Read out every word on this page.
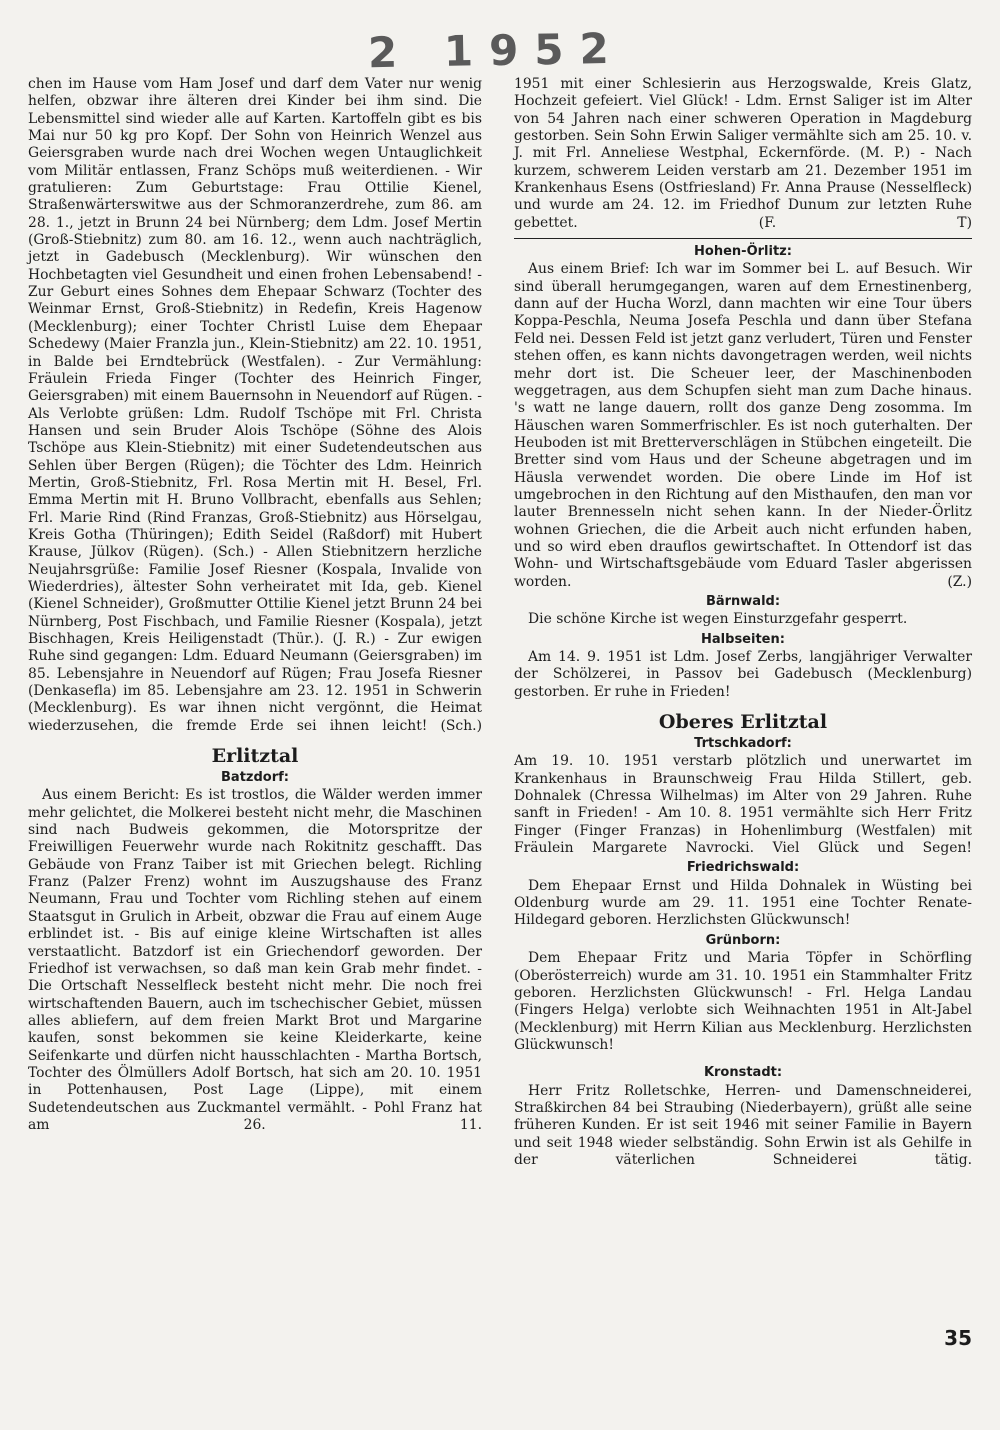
2 1952

chen im Hause vom Ham Josef und darf dem Vater nur wenig helfen, obzwar ihre älteren drei Kinder bei ihm sind. Die Lebensmittel sind wieder alle auf Karten. Kartoffeln gibt es bis Mai nur 50 kg pro Kopf. Der Sohn von Heinrich Wenzel aus Geiersgraben wurde nach drei Wochen wegen Untauglichkeit vom Militär entlassen, Franz Schöps muß weiterdienen. - Wir gratulieren: Zum Geburtstage: Frau Ottilie Kienel, Straßenwärterswitwe aus der Schmoranzerdrehe, zum 86. am 28. 1., jetzt in Brunn 24 bei Nürnberg; dem Ldm. Josef Mertin (Groß-Stiebnitz) zum 80. am 16. 12., wenn auch nachträglich, jetzt in Gadebusch (Mecklenburg). Wir wünschen den Hochbetagten viel Gesundheit und einen frohen Lebensabend! - Zur Geburt eines Sohnes dem Ehepaar Schwarz (Tochter des Weinmar Ernst, Groß-Stiebnitz) in Redefin, Kreis Hagenow (Mecklenburg); einer Tochter Christl Luise dem Ehepaar Schedewy (Maier Franzla jun., Klein-Stiebnitz) am 22. 10. 1951, in Balde bei Erndtebrück (Westfalen). - Zur Vermählung: Fräulein Frieda Finger (Tochter des Heinrich Finger, Geiersgraben) mit einem Bauernsohn in Neuendorf auf Rügen. - Als Verlobte grüßen: Ldm. Rudolf Tschöpe mit Frl. Christa Hansen und sein Bruder Alois Tschöpe (Söhne des Alois Tschöpe aus Klein-Stiebnitz) mit einer Sudetendeutschen aus Sehlen über Bergen (Rügen); die Töchter des Ldm. Heinrich Mertin, Groß-Stiebnitz, Frl. Rosa Mertin mit H. Besel, Frl. Emma Mertin mit H. Bruno Vollbracht, ebenfalls aus Sehlen; Frl. Marie Rind (Rind Franzas, Groß-Stiebnitz) aus Hörselgau, Kreis Gotha (Thüringen); Edith Seidel (Raßdorf) mit Hubert Krause, Jülkov (Rügen). (Sch.) - Allen Stiebnitzern herzliche Neujahrsgrüße: Familie Josef Riesner (Kospala, Invalide von Wiederdries), ältester Sohn verheiratet mit Ida, geb. Kienel (Kienel Schneider), Großmutter Ottilie Kienel jetzt Brunn 24 bei Nürnberg, Post Fischbach, und Familie Riesner (Kospala), jetzt Bischhagen, Kreis Heiligenstadt (Thür.). (J. R.) - Zur ewigen Ruhe sind gegangen: Ldm. Eduard Neumann (Geiersgraben) im 85. Lebensjahre in Neuendorf auf Rügen; Frau Josefa Riesner (Denkasefla) im 85. Lebensjahre am 23. 12. 1951 in Schwerin (Mecklenburg). Es war ihnen nicht vergönnt, die Heimat wiederzusehen, die fremde Erde sei ihnen leicht! (Sch.)

Erlitztal
Batzdorf:

Aus einem Bericht: Es ist trostlos, die Wälder werden immer mehr gelichtet, die Molkerei besteht nicht mehr, die Maschinen sind nach Budweis gekommen, die Motorspritze der Freiwilligen Feuerwehr wurde nach Rokitnitz geschafft. Das Gebäude von Franz Taiber ist mit Griechen belegt. Richling Franz (Palzer Frenz) wohnt im Auszugshause des Franz Neumann, Frau und Tochter vom Richling stehen auf einem Staatsgut in Grulich in Arbeit, obzwar die Frau auf einem Auge erblindet ist. - Bis auf einige kleine Wirtschaften ist alles verstaatlicht. Batzdorf ist ein Griechendorf geworden. Der Friedhof ist verwachsen, so daß man kein Grab mehr findet. - Die Ortschaft Nesselfleck besteht nicht mehr. Die noch frei wirtschaftenden Bauern, auch im tschechischer Gebiet, müssen alles abliefern, auf dem freien Markt Brot und Margarine kaufen, sonst bekommen sie keine Kleiderkarte, keine Seifenkarte und dürfen nicht hausschlachten - Martha Bortsch, Tochter des Ölmüllers Adolf Bortsch, hat sich am 20. 10. 1951 in Pottenhausen, Post Lage (Lippe), mit einem Sudetendeutschen aus Zuckmantel vermählt. - Pohl Franz hat am 26. 11.

1951 mit einer Schlesierin aus Herzogswalde, Kreis Glatz, Hochzeit gefeiert. Viel Glück! - Ldm. Ernst Saliger ist im Alter von 54 Jahren nach einer schweren Operation in Magdeburg gestorben. Sein Sohn Erwin Saliger vermählte sich am 25. 10. v. J. mit Frl. Anneliese Westphal, Eckernförde. (M. P.) - Nach kurzem, schwerem Leiden verstarb am 21. Dezember 1951 im Krankenhaus Esens (Ostfriesland) Fr. Anna Prause (Nesselfleck) und wurde am 24. 12. im Friedhof Dunum zur letzten Ruhe gebettet. (F. T)

Hohen-Örlitz:

Aus einem Brief: Ich war im Sommer bei L. auf Besuch. Wir sind überall herumgegangen, waren auf dem Ernestinenberg, dann auf der Hucha Worzl, dann machten wir eine Tour übers Koppa-Peschla, Neuma Josefa Peschla und dann über Stefana Feld nei. Dessen Feld ist jetzt ganz verludert, Türen und Fenster stehen offen, es kann nichts davongetragen werden, weil nichts mehr dort ist. Die Scheuer leer, der Maschinenboden weggetragen, aus dem Schupfen sieht man zum Dache hinaus. 's watt ne lange dauern, rollt dos ganze Deng zosomma. Im Häuschen waren Sommerfrischler. Es ist noch guterhalten. Der Heuboden ist mit Bretterverschlägen in Stübchen eingeteilt. Die Bretter sind vom Haus und der Scheune abgetragen und im Häusla verwendet worden. Die obere Linde im Hof ist umgebrochen in den Richtung auf den Misthaufen, den man vor lauter Brennesseln nicht sehen kann. In der Nieder-Örlitz wohnen Griechen, die die Arbeit auch nicht erfunden haben, und so wird eben drauflos gewirtschaftet. In Ottendorf ist das Wohn- und Wirtschaftsgebäude vom Eduard Tasler abgerissen worden. (Z.)

Bärnwald:

Die schöne Kirche ist wegen Einsturzgefahr gesperrt.

Halbseiten:

Am 14. 9. 1951 ist Ldm. Josef Zerbs, langjähriger Verwalter der Schölzerei, in Passov bei Gadebusch (Mecklenburg) gestorben. Er ruhe in Frieden!

Oberes Erlitztal
Trtschkadorf:

Am 19. 10. 1951 verstarb plötzlich und unerwartet im Krankenhaus in Braunschweig Frau Hilda Stillert, geb. Dohnalek (Chressa Wilhelmas) im Alter von 29 Jahren. Ruhe sanft in Frieden! - Am 10. 8. 1951 vermählte sich Herr Fritz Finger (Finger Franzas) in Hohenlimburg (Westfalen) mit Fräulein Margarete Navrocki. Viel Glück und Segen!

Friedrichswald:

Dem Ehepaar Ernst und Hilda Dohnalek in Wüsting bei Oldenburg wurde am 29. 11. 1951 eine Tochter Renate-Hildegard geboren. Herzlichsten Glückwunsch!

Grünborn:

Dem Ehepaar Fritz und Maria Töpfer in Schörfling (Oberösterreich) wurde am 31. 10. 1951 ein Stammhalter Fritz geboren. Herzlichsten Glückwunsch! - Frl. Helga Landau (Fingers Helga) verlobte sich Weihnachten 1951 in Alt-Jabel (Mecklenburg) mit Herrn Kilian aus Mecklenburg. Herzlichsten Glückwunsch!

Kronstadt:

Herr Fritz Rolletschke, Herren- und Damenschneiderei, Straßkirchen 84 bei Straubing (Niederbayern), grüßt alle seine früheren Kunden. Er ist seit 1946 mit seiner Familie in Bayern und seit 1948 wieder selbständig. Sohn Erwin ist als Gehilfe in der väterlichen Schneiderei tätig.

35
